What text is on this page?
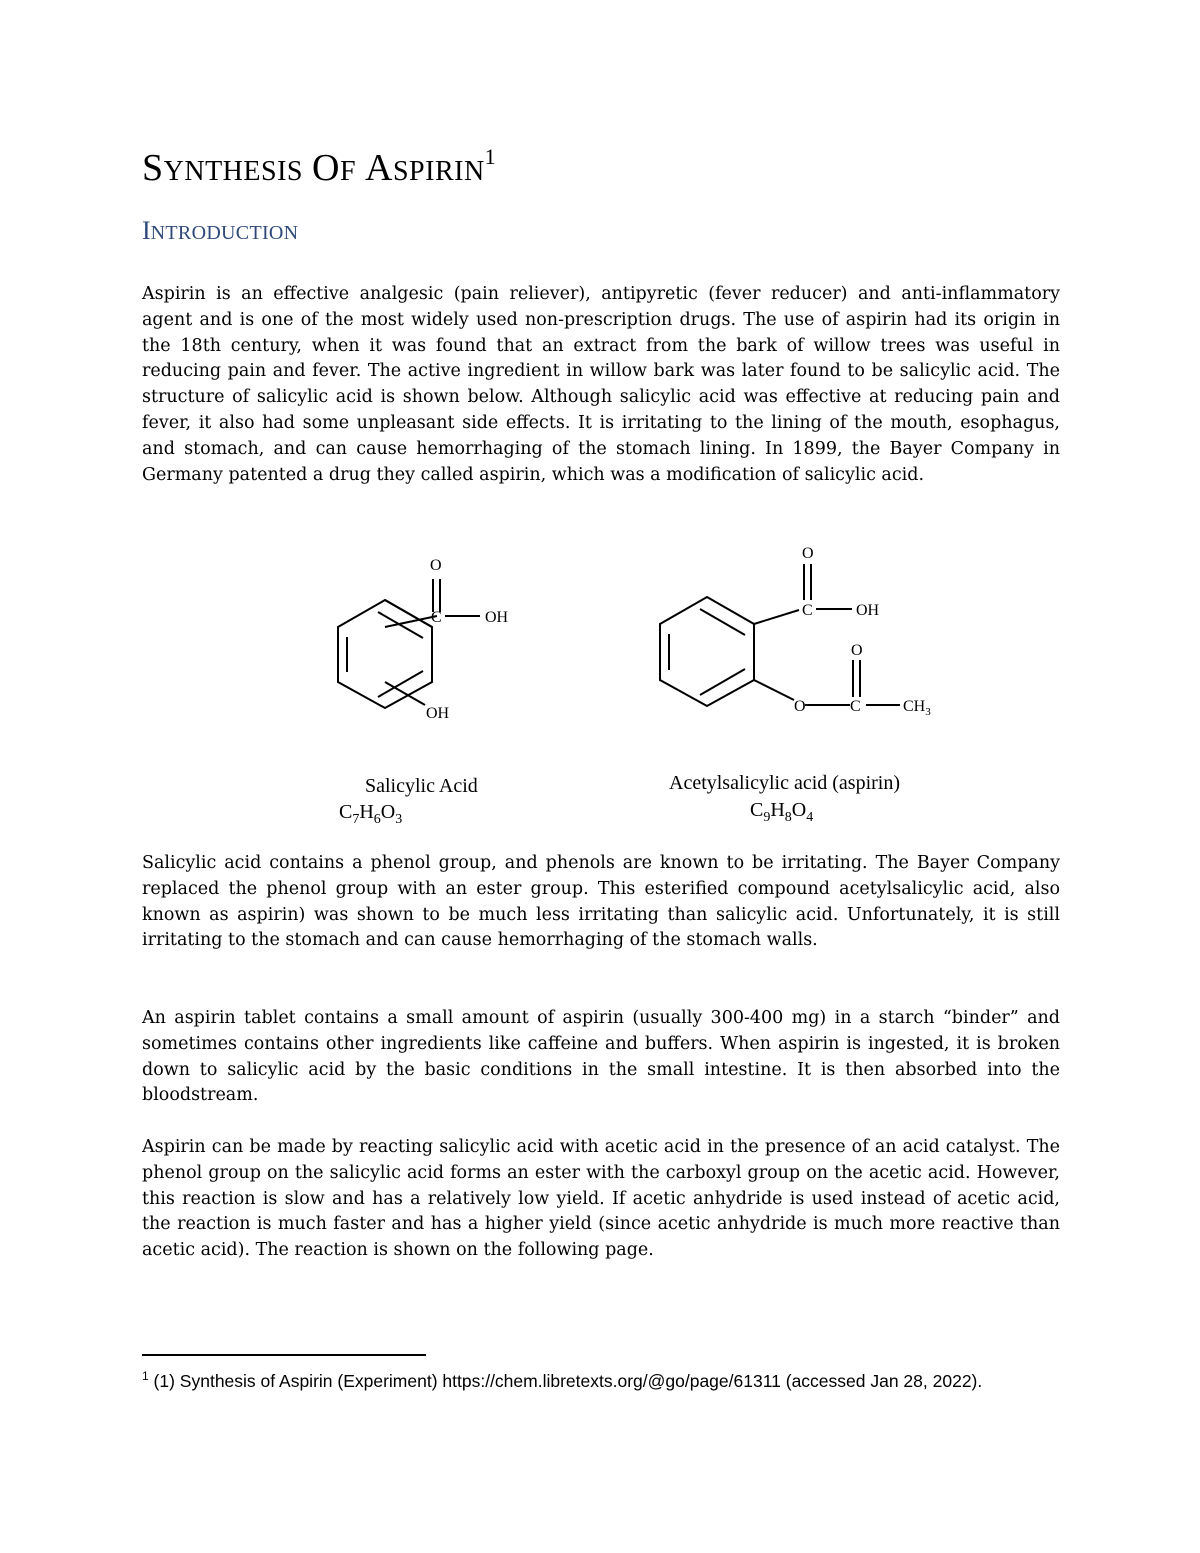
SYNTHESIS OF ASPIRIN$^1$
INTRODUCTION

Aspirin is an effective analgesic (pain reliever), antipyretic (fever reducer) and anti-inflammatory agent and is one of the most widely used non-prescription drugs. The use of aspirin had its origin in the 18th century, when it was found that an extract from the bark of willow trees was useful in reducing pain and fever. The active ingredient in willow bark was later found to be salicylic acid. The structure of salicylic acid is shown below. Although salicylic acid was effective at reducing pain and fever, it also had some unpleasant side effects. It is irritating to the lining of the mouth, esophagus, and stomach, and can cause hemorrhaging of the stomach lining. In 1899, the Bayer Company in Germany patented a drug they called aspirin, which was a modification of salicylic acid.

Salicylic acid contains a phenol group, and phenols are known to be irritating. The Bayer Company replaced the phenol group with an ester group. This esterified compound acetylsalicylic acid, also known as aspirin) was shown to be much less irritating than salicylic acid. Unfortunately, it is still irritating to the stomach and can cause hemorrhaging of the stomach walls.

An aspirin tablet contains a small amount of aspirin (usually 300-400 mg) in a starch “binder” and sometimes contains other ingredients like caffeine and buffers. When aspirin is ingested, it is broken down to salicylic acid by the basic conditions in the small intestine. It is then absorbed into the bloodstream.

Aspirin can be made by reacting salicylic acid with acetic acid in the presence of an acid catalyst. The phenol group on the salicylic acid forms an ester with the carboxyl group on the acetic acid. However, this reaction is slow and has a relatively low yield. If acetic anhydride is used instead of acetic acid, the reaction is much faster and has a higher yield (since acetic anhydride is much more reactive than acetic acid). The reaction is shown on the following page.

$^1$ (1) Synthesis of Aspirin (Experiment) https://chem.libretexts.org/@go/page/61311 (accessed Jan 28, 2022).

O
C	OH
OH
Salicylic Acid
$C_7H_6O_3$
O
C	OH
O
O	C	$CH_3$
Acetylsalicylic acid (aspirin)
$C_9H_8O_4$
